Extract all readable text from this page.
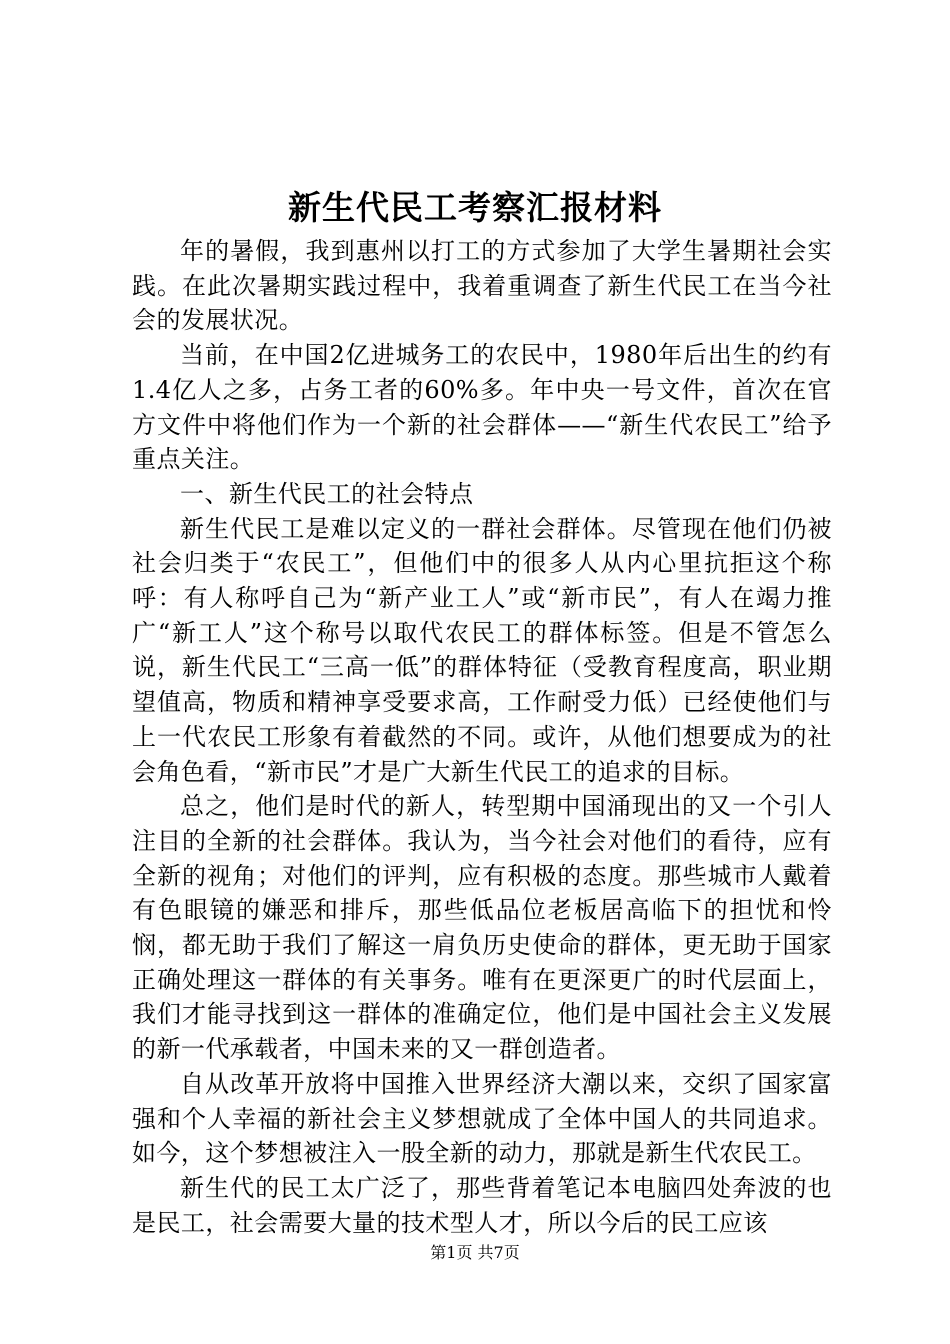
新生代民工考察汇报材料

年的暑假，我到惠州以打工的方式参加了大学生暑期社会实践。在此次暑期实践过程中，我着重调查了新生代民工在当今社会的发展状况。

当前，在中国2亿进城务工的农民中，1980年后出生的约有1.4亿人之多，占务工者的60%多。年中央一号文件，首次在官方文件中将他们作为一个新的社会群体——“新生代农民工”给予重点关注。

一、新生代民工的社会特点

新生代民工是难以定义的一群社会群体。尽管现在他们仍被社会归类于“农民工”，但他们中的很多人从内心里抗拒这个称呼：有人称呼自己为“新产业工人”或“新市民”，有人在竭力推广“新工人”这个称号以取代农民工的群体标签。但是不管怎么说，新生代民工“三高一低”的群体特征（受教育程度高，职业期望值高，物质和精神享受要求高，工作耐受力低）已经使他们与上一代农民工形象有着截然的不同。或许，从他们想要成为的社会角色看，“新市民”才是广大新生代民工的追求的目标。

总之，他们是时代的新人，转型期中国涌现出的又一个引人注目的全新的社会群体。我认为，当今社会对他们的看待，应有全新的视角；对他们的评判，应有积极的态度。那些城市人戴着有色眼镜的嫌恶和排斥，那些低品位老板居高临下的担忧和怜悯，都无助于我们了解这一肩负历史使命的群体，更无助于国家正确处理这一群体的有关事务。唯有在更深更广的时代层面上，我们才能寻找到这一群体的准确定位，他们是中国社会主义发展的新一代承载者，中国未来的又一群创造者。

自从改革开放将中国推入世界经济大潮以来，交织了国家富强和个人幸福的新社会主义梦想就成了全体中国人的共同追求。如今，这个梦想被注入一股全新的动力，那就是新生代农民工。

新生代的民工太广泛了，那些背着笔记本电脑四处奔波的也是民工，社会需要大量的技术型人才，所以今后的民工应该

第1页 共7页
